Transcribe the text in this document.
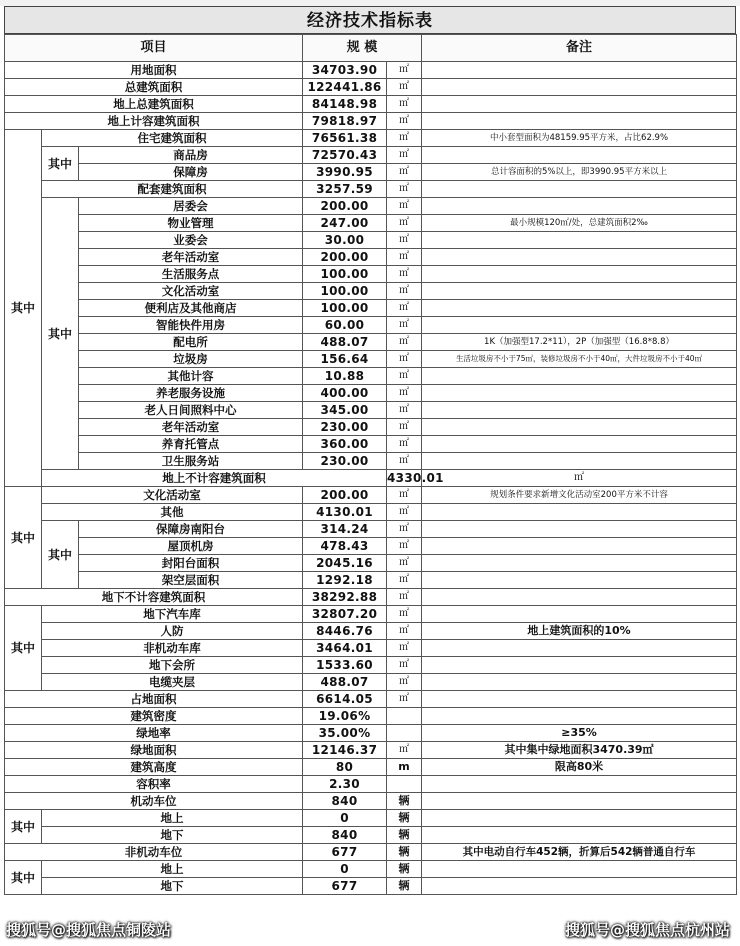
经济技术指标表
项目			规 模		备注	
用地面积			34703.90	㎡		
总建筑面积			122441.86	㎡		
地上总建筑面积			84148.98	㎡		
地上计容建筑面积			79818.97	㎡		
其中	住宅建筑面积		76561.38	㎡	中小套型面积为48159.95平方米，占比62.9%	
	其中	商品房	72570.43	㎡		
		保障房	3990.95	㎡	总计容面积的5%以上，即3990.95平方米以上	
	配套建筑面积		3257.59	㎡		
	其中	居委会	200.00	㎡		
		物业管理	247.00	㎡	最小规模120㎡/处，总建筑面积2‰	
		业委会	30.00	㎡		
		老年活动室	200.00	㎡		
		生活服务点	100.00	㎡		
		文化活动室	100.00	㎡		
		便利店及其他商店	100.00	㎡		
		智能快件用房	60.00	㎡		
		配电所	488.07	㎡	1K（加强型17.2*11），2P（加强型（16.8*8.8）	
		垃圾房	156.64	㎡	生活垃圾房不小于75㎡，装修垃圾房不小于40㎡，大件垃圾房不小于40㎡	
		其他计容	10.88	㎡		
		养老服务设施	400.00	㎡		
		老人日间照料中心	345.00	㎡		
		老年活动室	230.00	㎡		
		养育托管点	360.00	㎡		
		卫生服务站	230.00	㎡		
	地上不计容建筑面积			4330.01	㎡	
其中	文化活动室		200.00	㎡	规划条件要求新增文化活动室200平方米不计容	
	其他		4130.01	㎡		
	其中	保障房南阳台	314.24	㎡		
		屋顶机房	478.43	㎡		
		封阳台面积	2045.16	㎡		
		架空层面积	1292.18	㎡		
地下不计容建筑面积			38292.88	㎡		
其中	地下汽车库		32807.20	㎡		
	人防		8446.76	㎡	地上建筑面积的10%	
	非机动车库		3464.01	㎡		
	地下会所		1533.60	㎡		
	电缆夹层		488.07	㎡		
占地面积			6614.05	㎡		
建筑密度			19.06%			
绿地率			35.00%		≥35%	
绿地面积			12146.37	㎡	其中集中绿地面积3470.39㎡	
建筑高度			80	m	限高80米	
容积率			2.30			
机动车位			840	辆		
其中	地上		0	辆		
	地下		840	辆		
非机动车位			677	辆	其中电动自行车452辆，折算后542辆普通自行车	
其中	地上		0	辆		
	地下		677	辆		
搜狐号@搜狐焦点铜陵站	搜狐号@搜狐焦点杭州站
